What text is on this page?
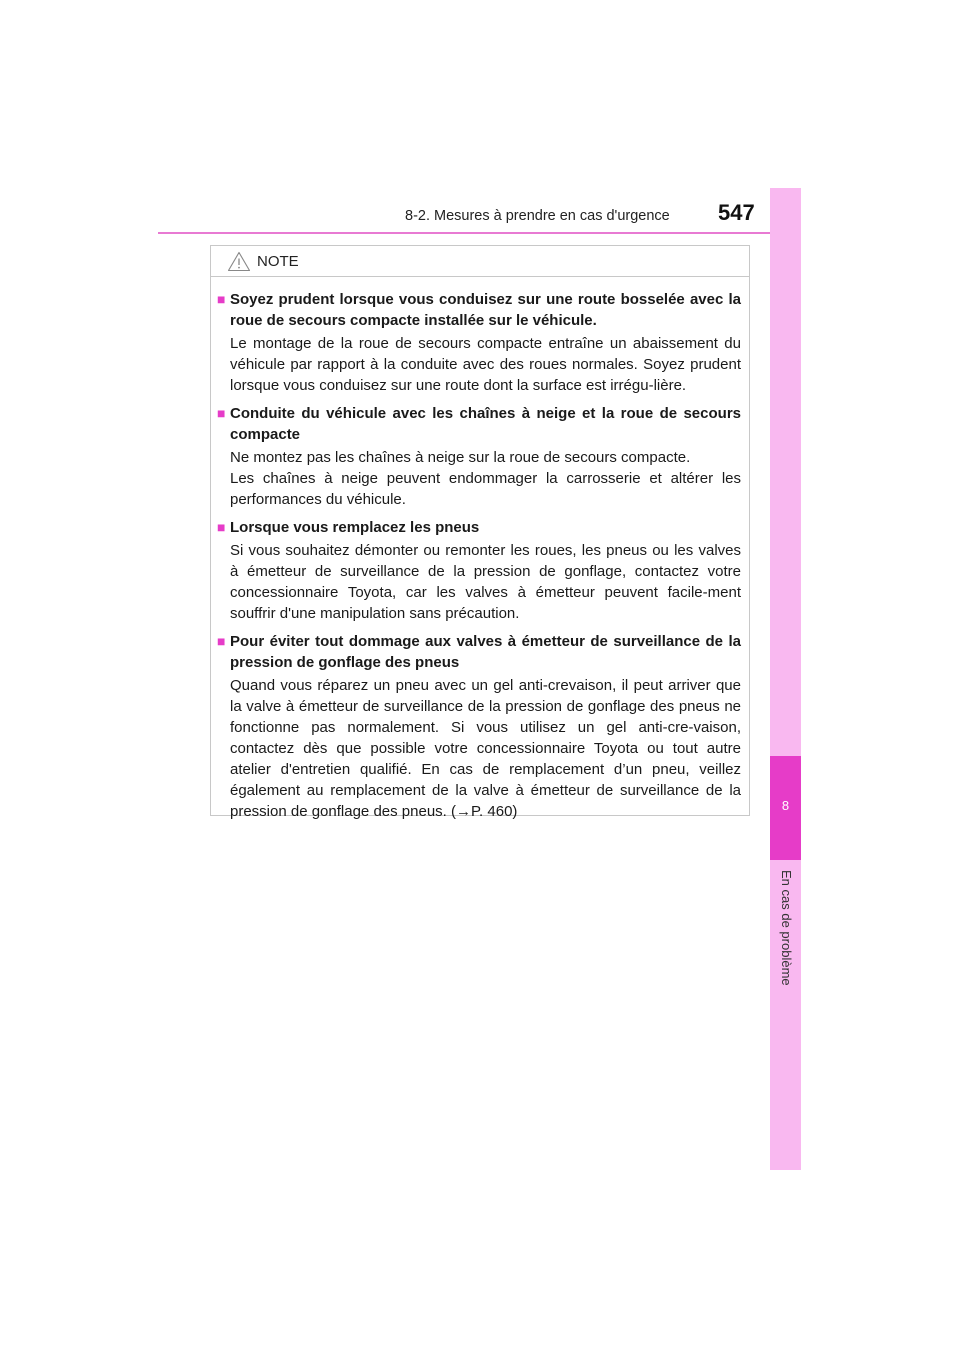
8-2. Mesures à prendre en cas d'urgence 547
8
En cas de problème
NOTE
■ Soyez prudent lorsque vous conduisez sur une route bosselée avec la roue de secours compacte installée sur le véhicule.

Le montage de la roue de secours compacte entraîne un abaissement du véhicule par rapport à la conduite avec des roues normales. Soyez prudent lorsque vous conduisez sur une route dont la surface est irrégu-lière.

■ Conduite du véhicule avec les chaînes à neige et la roue de secours compacte

Ne montez pas les chaînes à neige sur la roue de secours compacte.

Les chaînes à neige peuvent endommager la carrosserie et altérer les performances du véhicule.

■ Lorsque vous remplacez les pneus

Si vous souhaitez démonter ou remonter les roues, les pneus ou les valves à émetteur de surveillance de la pression de gonflage, contactez votre concessionnaire Toyota, car les valves à émetteur peuvent facile-ment souffrir d'une manipulation sans précaution.

■ Pour éviter tout dommage aux valves à émetteur de surveillance de la pression de gonflage des pneus

Quand vous réparez un pneu avec un gel anti-crevaison, il peut arriver que la valve à émetteur de surveillance de la pression de gonflage des pneus ne fonctionne pas normalement. Si vous utilisez un gel anti-cre-vaison, contactez dès que possible votre concessionnaire Toyota ou tout autre atelier d'entretien qualifié. En cas de remplacement d’un pneu, veillez également au remplacement de la valve à émetteur de surveillance de la pression de gonflage des pneus. (→P. 460)
